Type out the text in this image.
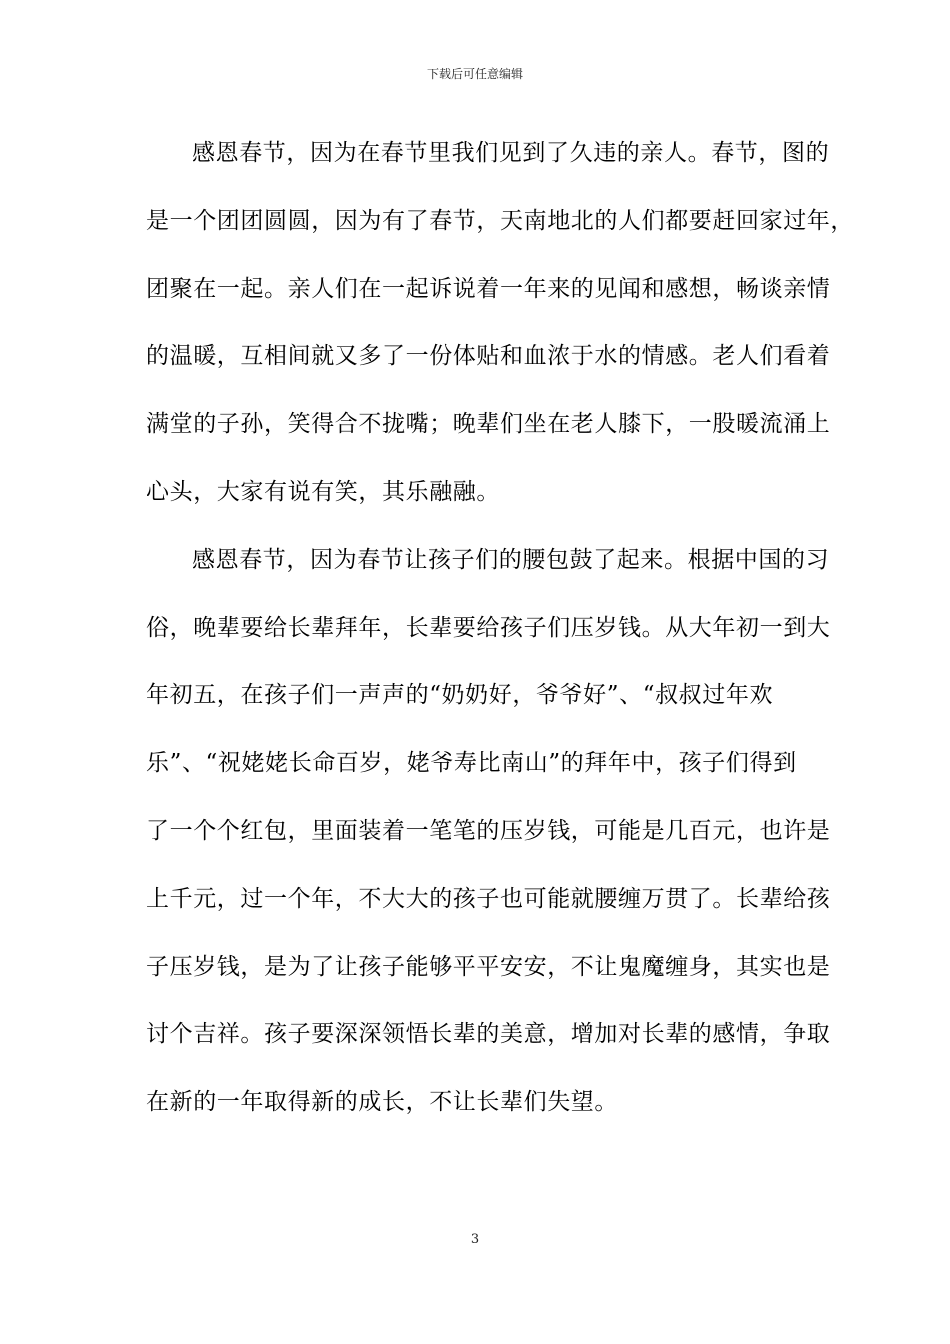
下载后可任意编辑
感恩春节，因为在春节里我们见到了久违的亲人。春节，图的
是一个团团圆圆，因为有了春节，天南地北的人们都要赶回家过年，
团聚在一起。亲人们在一起诉说着一年来的见闻和感想，畅谈亲情
的温暖，互相间就又多了一份体贴和血浓于水的情感。老人们看着
满堂的子孙，笑得合不拢嘴；晚辈们坐在老人膝下，一股暖流涌上
心头，大家有说有笑，其乐融融。
感恩春节，因为春节让孩子们的腰包鼓了起来。根据中国的习
俗，晚辈要给长辈拜年，长辈要给孩子们压岁钱。从大年初一到大
年初五，在孩子们一声声的“奶奶好，爷爷好”、“叔叔过年欢
乐”、“祝姥姥长命百岁，姥爷寿比南山”的拜年中，孩子们得到
了一个个红包，里面装着一笔笔的压岁钱，可能是几百元，也许是
上千元，过一个年，不大大的孩子也可能就腰缠万贯了。长辈给孩
子压岁钱，是为了让孩子能够平平安安，不让鬼魔缠身，其实也是
讨个吉祥。孩子要深深领悟长辈的美意，增加对长辈的感情，争取
在新的一年取得新的成长，不让长辈们失望。
3
